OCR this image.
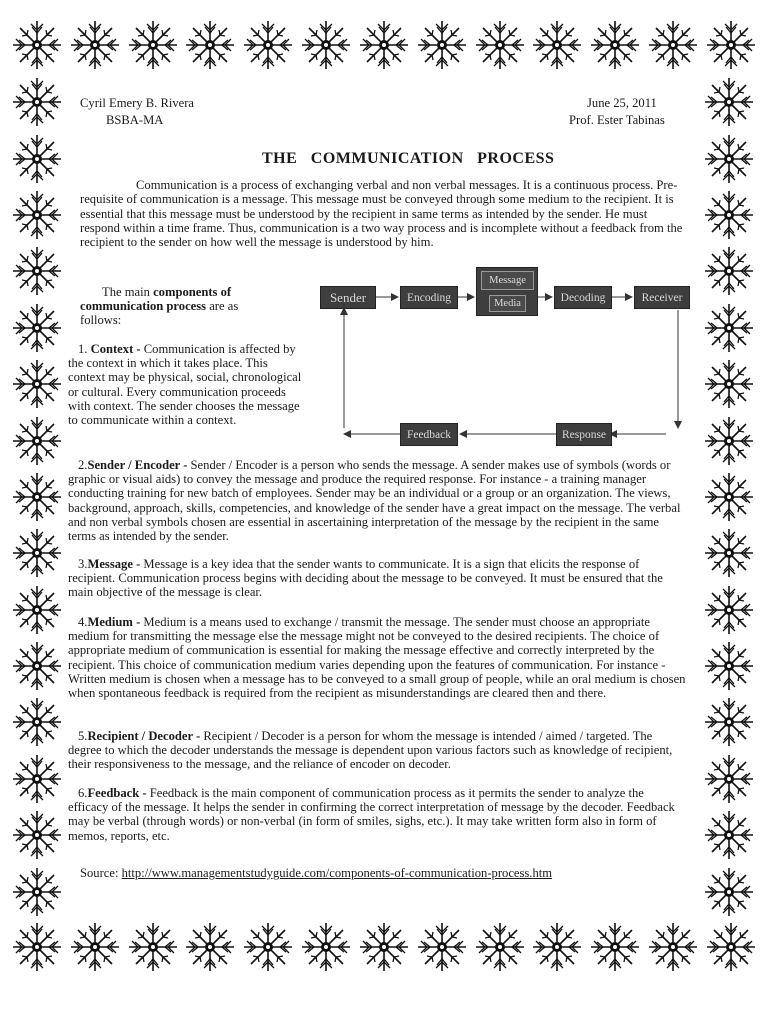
Cyril Emery B. Rivera
BSBA-MA
June 25, 2011
Prof. Ester Tabinas
THE   COMMUNICATION   PROCESS

Communication is a process of exchanging verbal and non verbal messages. It is a continuous process. Pre-requisite of communication is a message. This message must be conveyed through some medium to the recipient. It is essential that this message must be understood by the recipient in same terms as intended by the sender. He must respond within a time frame. Thus, communication is a two way process and is incomplete without a feedback from the recipient to the sender on how well the message is understood by him.

The main components of communication process are as follows:

1. Context - Communication is affected by the context in which it takes place. This context may be physical, social, chronological or cultural. Every communication proceeds with context. The sender chooses the message to communicate within a context.

Sender	Encoding
Message
Media	Decoding	Receiver
Feedback	Response

2.Sender / Encoder - Sender / Encoder is a person who sends the message. A sender makes use of symbols (words or graphic or visual aids) to convey the message and produce the required response. For instance - a training manager conducting training for new batch of employees. Sender may be an individual or a group or an organization. The views, background, approach, skills, competencies, and knowledge of the sender have a great impact on the message. The verbal and non verbal symbols chosen are essential in ascertaining interpretation of the message by the recipient in the same terms as intended by the sender.

3.Message - Message is a key idea that the sender wants to communicate. It is a sign that elicits the response of recipient. Communication process begins with deciding about the message to be conveyed. It must be ensured that the main objective of the message is clear.

4.Medium - Medium is a means used to exchange / transmit the message. The sender must choose an appropriate medium for transmitting the message else the message might not be conveyed to the desired recipients. The choice of appropriate medium of communication is essential for making the message effective and correctly interpreted by the recipient. This choice of communication medium varies depending upon the features of communication. For instance - Written medium is chosen when a message has to be conveyed to a small group of people, while an oral medium is chosen when spontaneous feedback is required from the recipient as misunderstandings are cleared then and there.

5.Recipient / Decoder - Recipient / Decoder is a person for whom the message is intended / aimed / targeted. The degree to which the decoder understands the message is dependent upon various factors such as knowledge of recipient, their responsiveness to the message, and the reliance of encoder on decoder.

6.Feedback - Feedback is the main component of communication process as it permits the sender to analyze the efficacy of the message. It helps the sender in confirming the correct interpretation of message by the decoder. Feedback may be verbal (through words) or non-verbal (in form of smiles, sighs, etc.). It may take written form also in form of memos, reports, etc.

Source: http://www.managementstudyguide.com/components-of-communication-process.htm
